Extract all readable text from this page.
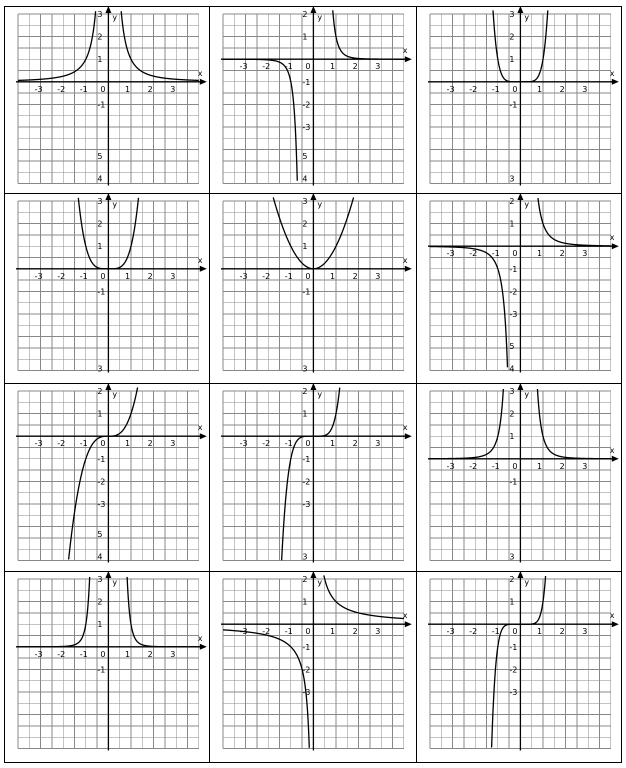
x
y
0
-3 -2 -1	1 2 3
3
2
1
-1
x
y
0
-3 -2 -1	1 2 3
2
1
-1
-2
-3
x
y
0
-3 -2 -1	1 2 3
3
2
1
-1
x
y
0
-3 -2 -1	1 2 3
5
4
3
2
1
-1
x
y
0
-3 -2 -1	1 2 3
5
4
3
2
1
-1
x
y
0
-3 -2 -1	1 2 3
3
2
1
-1
-2
-3
x
y
0
-3 -2 -1	1 2 3
3
2
1
-1
-2
-3
x
y
0
-3 -2 -1	1 2 3
3
2
1
-1
-2
-3
x
y
0
-3 -2 -1	1 2 3
5
4
3
2
1
-1
x
y
0
-3 -2 -1	1 2 3
5
4
3
2
1
-1
x
y
0
-3 -2 -1	1 2 3
3
2
1
-1
-2
-3
x
y
0
-3 -2 -1	1 2 3
3
2
1
-1
-2
-3
